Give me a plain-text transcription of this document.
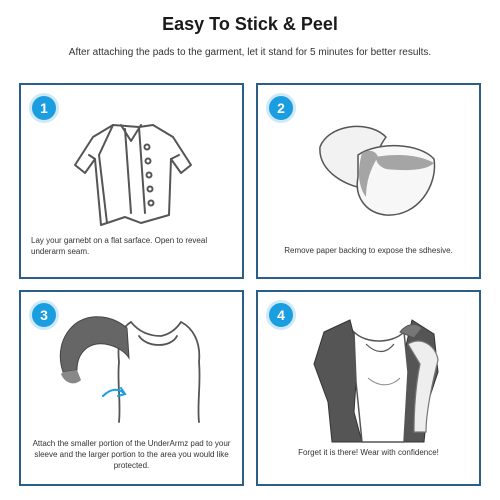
Easy To Stick & Peel
After attaching the pads to the garment, let it stand for 5 minutes for better results.
1
Lay your garnebt on a flat sarface. Open to reveal underarm seam.
2
Remove paper backing to expose the sdhesive.
3
Attach the smaller portion of the UnderArmz pad to your sleeve and the larger portion to the area you would like protected.
4
Forget it is there! Wear with confidence!
